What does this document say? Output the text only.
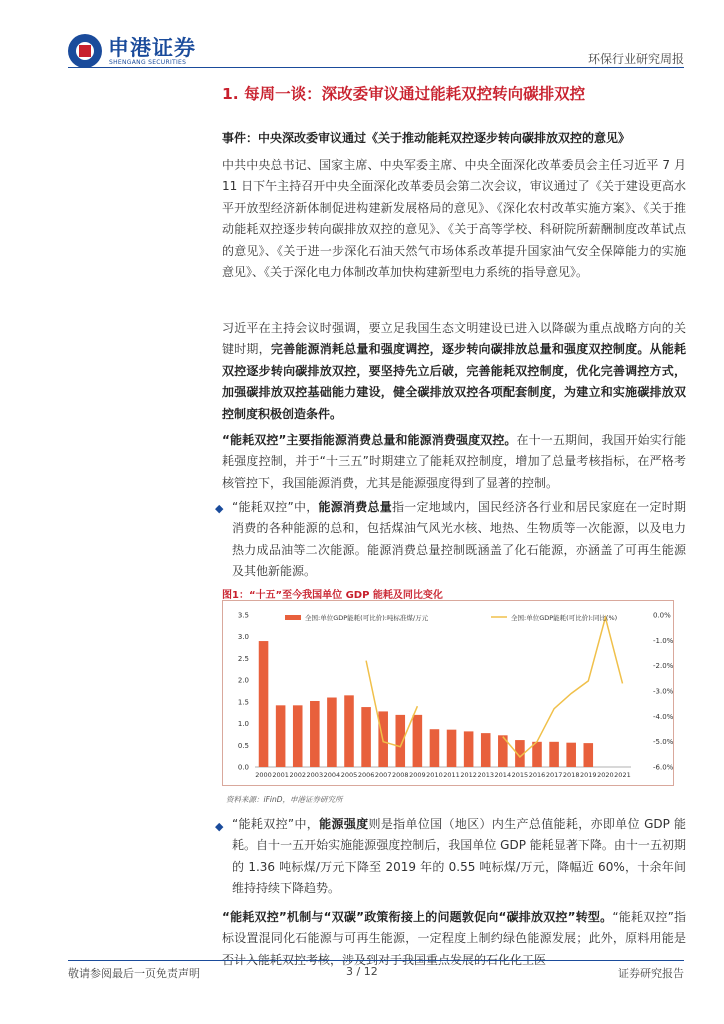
申港证券
SHENGANG SECURITIES	环保行业研究周报
1. 每周一谈：深改委审议通过能耗双控转向碳排双控
事件：中央深改委审议通过《关于推动能耗双控逐步转向碳排放双控的意见》
中共中央总书记、国家主席、中央军委主席、中央全面深化改革委员会主任习近平 7 月 11 日下午主持召开中央全面深化改革委员会第二次会议，审议通过了《关于建设更高水平开放型经济新体制促进构建新发展格局的意见》、《深化农村改革实施方案》、《关于推动能耗双控逐步转向碳排放双控的意见》、《关于高等学校、科研院所薪酬制度改革试点的意见》、《关于进一步深化石油天然气市场体系改革提升国家油气安全保障能力的实施意见》、《关于深化电力体制改革加快构建新型电力系统的指导意见》。
习近平在主持会议时强调，要立足我国生态文明建设已进入以降碳为重点战略方向的关键时期，完善能源消耗总量和强度调控，逐步转向碳排放总量和强度双控制度。从能耗双控逐步转向碳排放双控，要坚持先立后破，完善能耗双控制度，优化完善调控方式，加强碳排放双控基础能力建设，健全碳排放双控各项配套制度，为建立和实施碳排放双控制度积极创造条件。
“能耗双控”主要指能源消费总量和能源消费强度双控。在十一五期间，我国开始实行能耗强度控制，并于“十三五”时期建立了能耗双控制度，增加了总量考核指标，在严格考核管控下，我国能源消费，尤其是能源强度得到了显著的控制。
◆ “能耗双控”中，能源消费总量指一定地域内，国民经济各行业和居民家庭在一定时期消费的各种能源的总和，包括煤油气风光水核、地热、生物质等一次能源，以及电力热力成品油等二次能源。能源消费总量控制既涵盖了化石能源，亦涵盖了可再生能源及其他新能源。
图1：“十五”至今我国单位 GDP 能耗及同比变化
0.0
0.5
1.0
1.5
2.0
2.5
3.0
3.5	0.0%
-1.0%
-2.0%
-3.0%
-4.0%
-5.0%
-6.0%
2000 2001 2002 2003 2004 2005 2006 2007 2008 2009 2010 2011 2012 2013 2014 2015 2016 2017 2018 2019 2020 2021
全国:单位GDP能耗(可比价):吨标准煤/万元	全国:单位GDP能耗(可比价):同比(%)
资料来源：iFinD，申港证券研究所
◆ “能耗双控”中，能源强度则是指单位国（地区）内生产总值能耗，亦即单位 GDP 能耗。自十一五开始实施能源强度控制后，我国单位 GDP 能耗显著下降。由十一五初期的 1.36 吨标煤/万元下降至 2019 年的 0.55 吨标煤/万元，降幅近 60%，十余年间维持持续下降趋势。
“能耗双控”机制与“双碳”政策衔接上的问题敦促向“碳排放双控”转型。“能耗双控”指标设置混同化石能源与可再生能源，一定程度上制约绿色能源发展；此外，原料用能是否计入能耗双控考核，涉及到对于我国重点发展的石化化工医
敬请参阅最后一页免责声明	3 / 12	证券研究报告
